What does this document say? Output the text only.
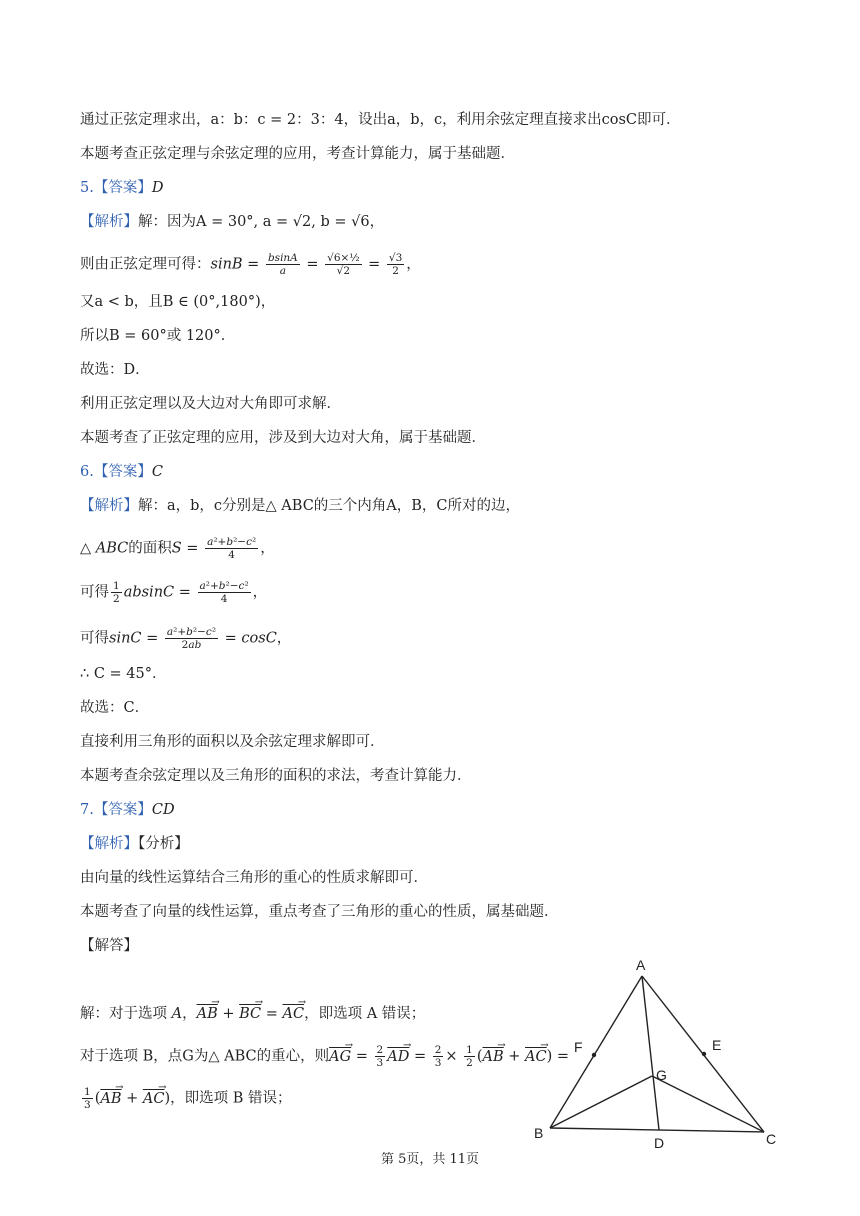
通过正弦定理求出，a：b：c = 2：3：4，设出a，b，c，利用余弦定理直接求出cosC即可．
本题考查正弦定理与余弦定理的应用，考查计算能力，属于基础题．
5.【答案】D
【解析】解：因为A = 30°, a = √2, b = √6，
则由正弦定理可得：$\sin B = \frac{bsinA}{a} = \frac{\text{√6×½}}{√2} = \frac{√3}{2}$ ，
又a < b，且B ∈ (0°,180°)，
所以B = 60°或 120°．
故选：D．
利用正弦定理以及大边对大角即可求解．
本题考查了正弦定理的应用，涉及到大边对大角，属于基础题．
6.【答案】C
【解析】解：a，b，c分别是△ ABC的三个内角A，B，C所对的边，
△ ABC的面积$S = \frac{\text{a²+b²−c²}}{4}$ ，
可得 $\frac{1}{2}$ $absinC = \frac{\text{a²+b²−c²}}{4}$ ，
可得$\sin C = \frac{\text{a²+b²−c²}}{2ab} = \cos C$，
∴ C = 45°．
故选：C．
直接利用三角形的面积以及余弦定理求解即可．
本题考查余弦定理以及三角形的面积的求法，考查计算能力．
7.【答案】CD
【解析】【分析】
由向量的线性运算结合三角形的重心的性质求解即可．
本题考查了向量的线性运算，重点考查了三角形的重心的性质，属基础题．
【解答】
解：对于选项 A，→ AB + → BC = → AC，即选项 A 错误；
对于选项 B，点G为△ ABC的重心，则→ AG = $\frac{2}{3}$
→ AD = $\frac{2}{3} \times \frac{1}{2}$ (→ AB + → AC) =
$\frac{1}{3}$ (→ AB + → AC)，即选项 B 错误；
A
B	C
D
E
F
G
第 5页，共 11页
